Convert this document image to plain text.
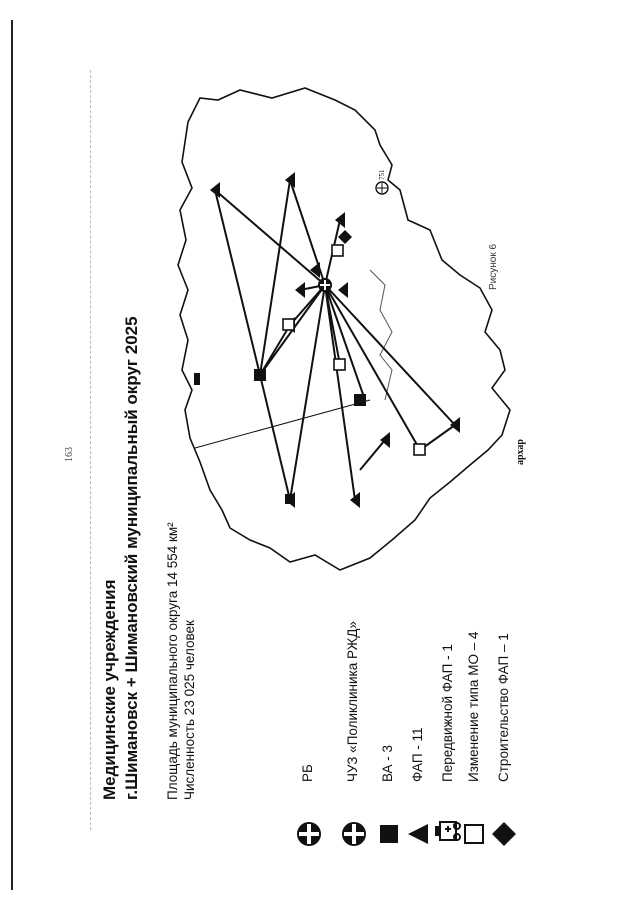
163
Медицинские учреждения г.Шимановск + Шимановский муниципальный округ 2025 Площадь муниципального округа 14 554 км² Численность 23 025 человек	РБ ЧУЗ «Поликлиника РЖД» ВА - 3 ФАП - 11 Передвижной ФАП - 1 Изменение типа МО – 4 Строительство ФАП – 1
751
архар
Рисунок 6
